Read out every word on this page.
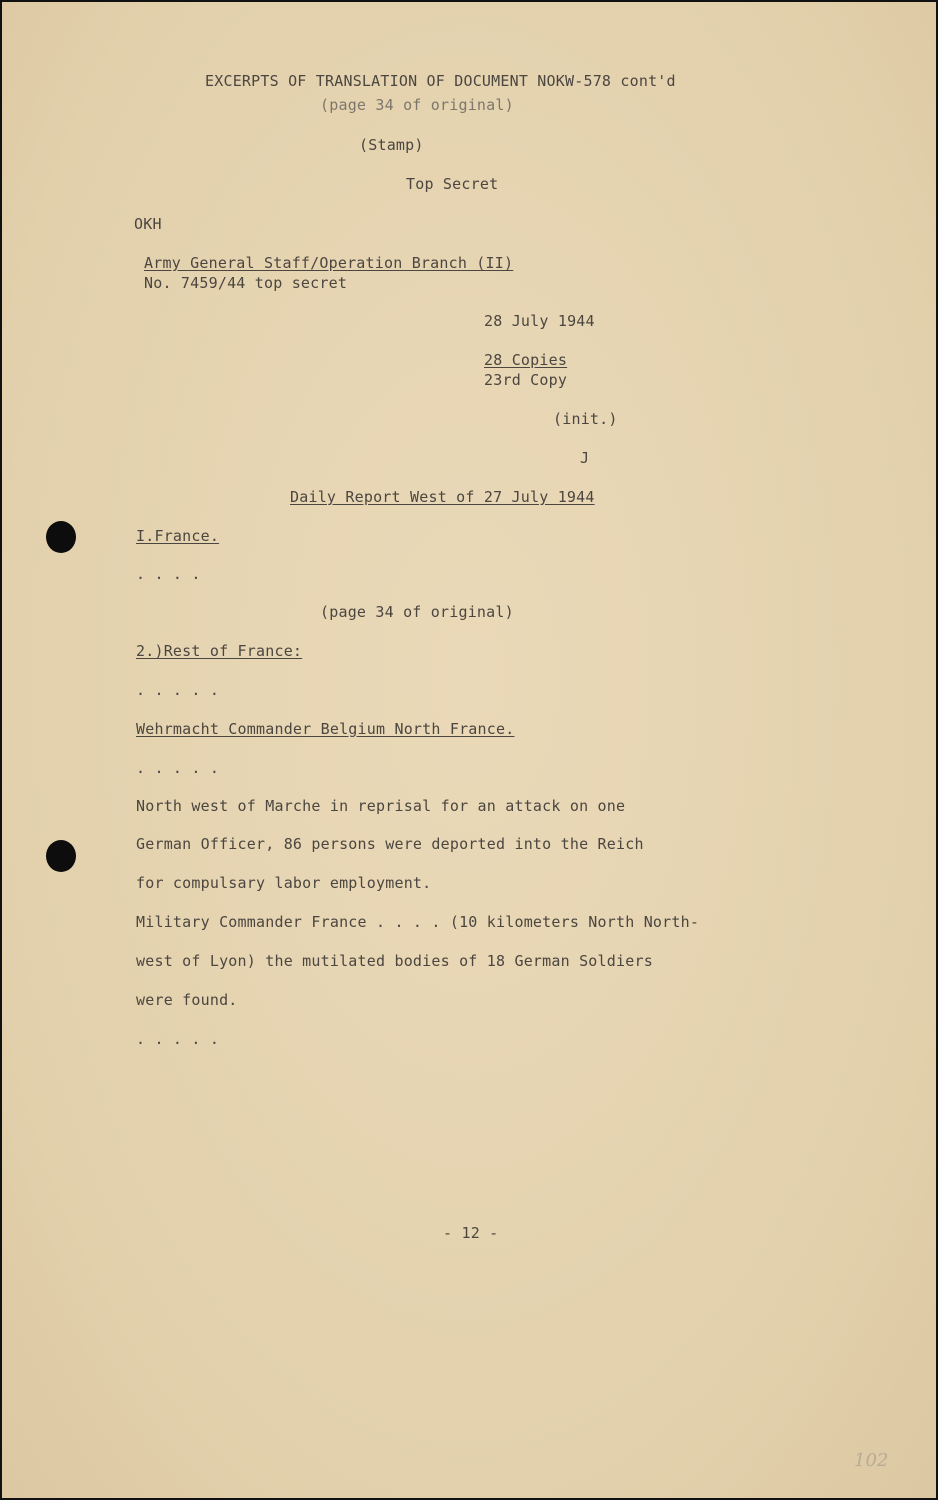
EXCERPTS OF TRANSLATION OF DOCUMENT NOKW-578 cont'd
(page 34 of original)
(Stamp)
Top Secret
OKH
Army General Staff/Operation Branch (II)
No. 7459/44 top secret
28 July 1944
28 Copies
23rd Copy
(init.)
J
Daily Report West of 27 July 1944
I.France.
. . . .
(page 34 of original)
2.)Rest of France:
. . . . .
Wehrmacht Commander Belgium North France.
. . . . .
North west of Marche in reprisal for an attack on one
German Officer, 86 persons were deported into the Reich
for compulsary labor employment.
Military Commander France . . . . (10 kilometers North North-
west of Lyon) the mutilated bodies of 18 German Soldiers
were found.
. . . . .
- 12 -
102
